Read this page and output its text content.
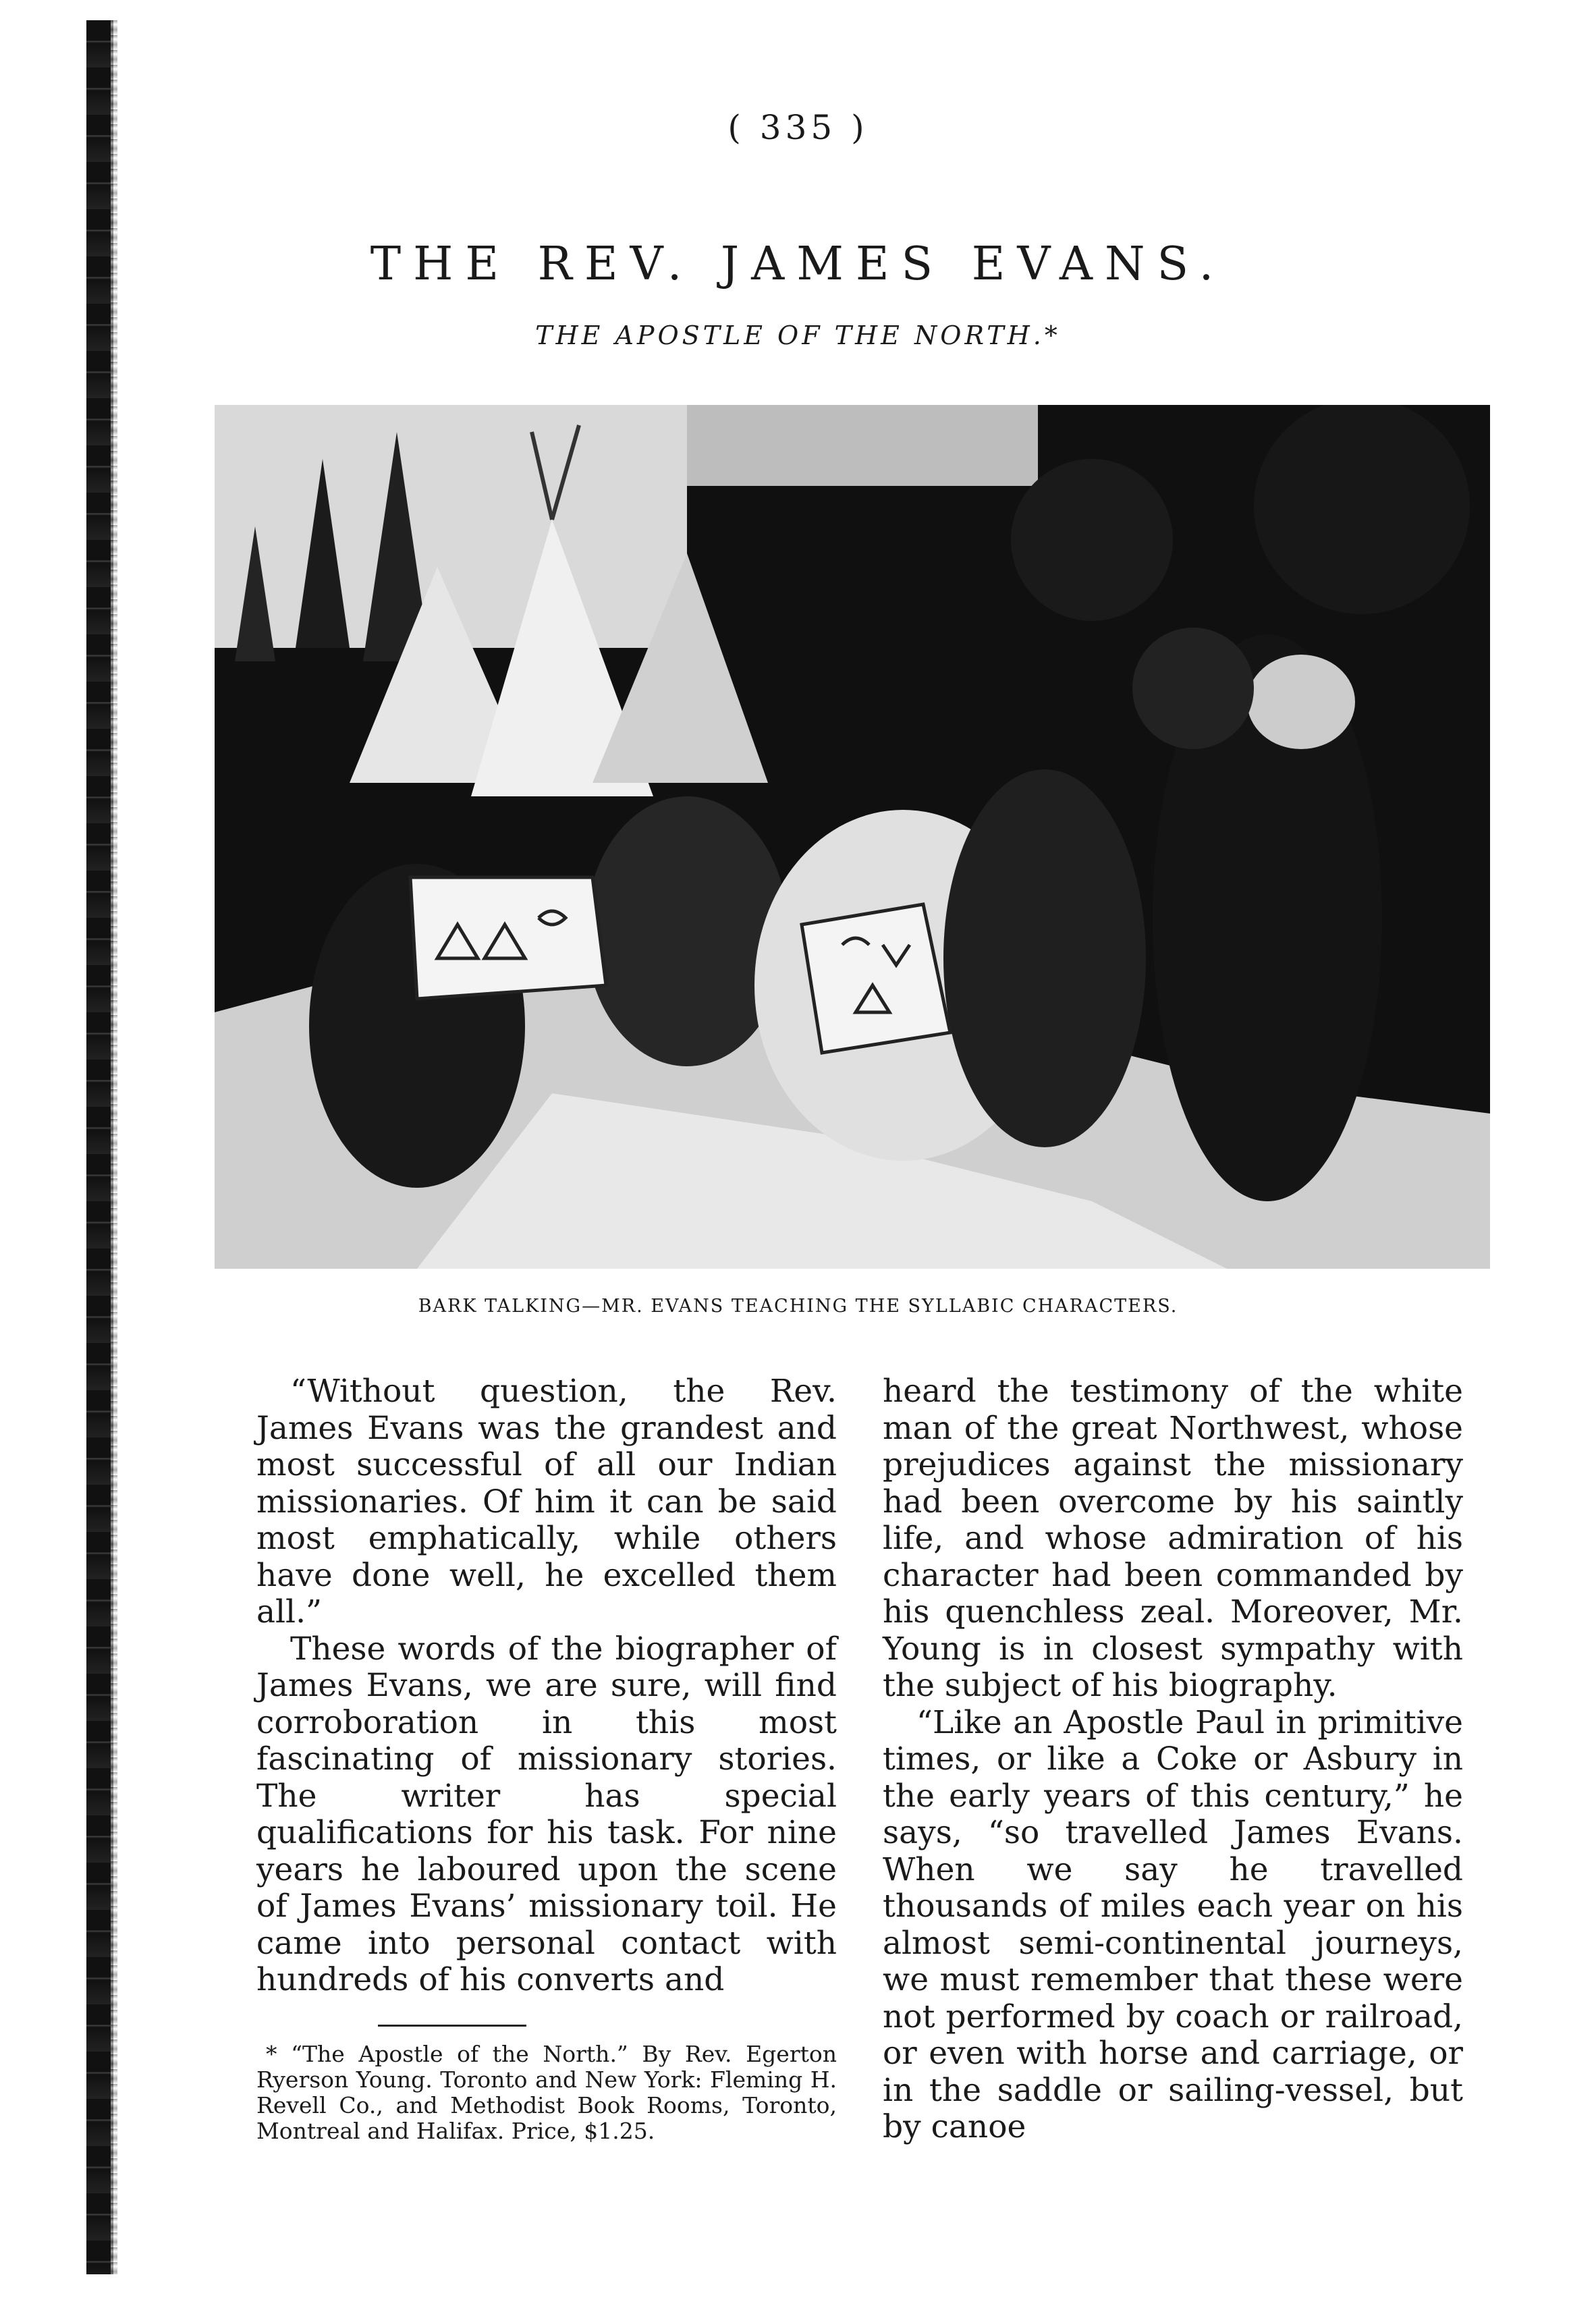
( 335 )
THE REV. JAMES EVANS.
THE APOSTLE OF THE NORTH.*
BARK TALKING—MR. EVANS TEACHING THE SYLLABIC CHARACTERS.

“Without question, the Rev. James Evans was the grandest and most successful of all our Indian missionaries. Of him it can be said most emphatically, while others have done well, he excelled them all.”

These words of the biographer of James Evans, we are sure, will find corroboration in this most fascinating of missionary stories. The writer has special qualifications for his task. For nine years he laboured upon the scene of James Evans’ missionary toil. He came into personal contact with hundreds of his converts and

heard the testimony of the white man of the great Northwest, whose prejudices against the missionary had been overcome by his saintly life, and whose admiration of his character had been commanded by his quenchless zeal. Moreover, Mr. Young is in closest sympathy with the subject of his biography.

“Like an Apostle Paul in primitive times, or like a Coke or Asbury in the early years of this century,” he says, “so travelled James Evans. When we say he travelled thousands of miles each year on his almost semi-continental journeys, we must remember that these were not performed by coach or railroad, or even with horse and carriage, or in the saddle or sailing-vessel, but by canoe

* “The Apostle of the North.” By Rev. Egerton Ryerson Young. Toronto and New York: Fleming H. Revell Co., and Methodist Book Rooms, Toronto, Montreal and Halifax. Price, $1.25.
